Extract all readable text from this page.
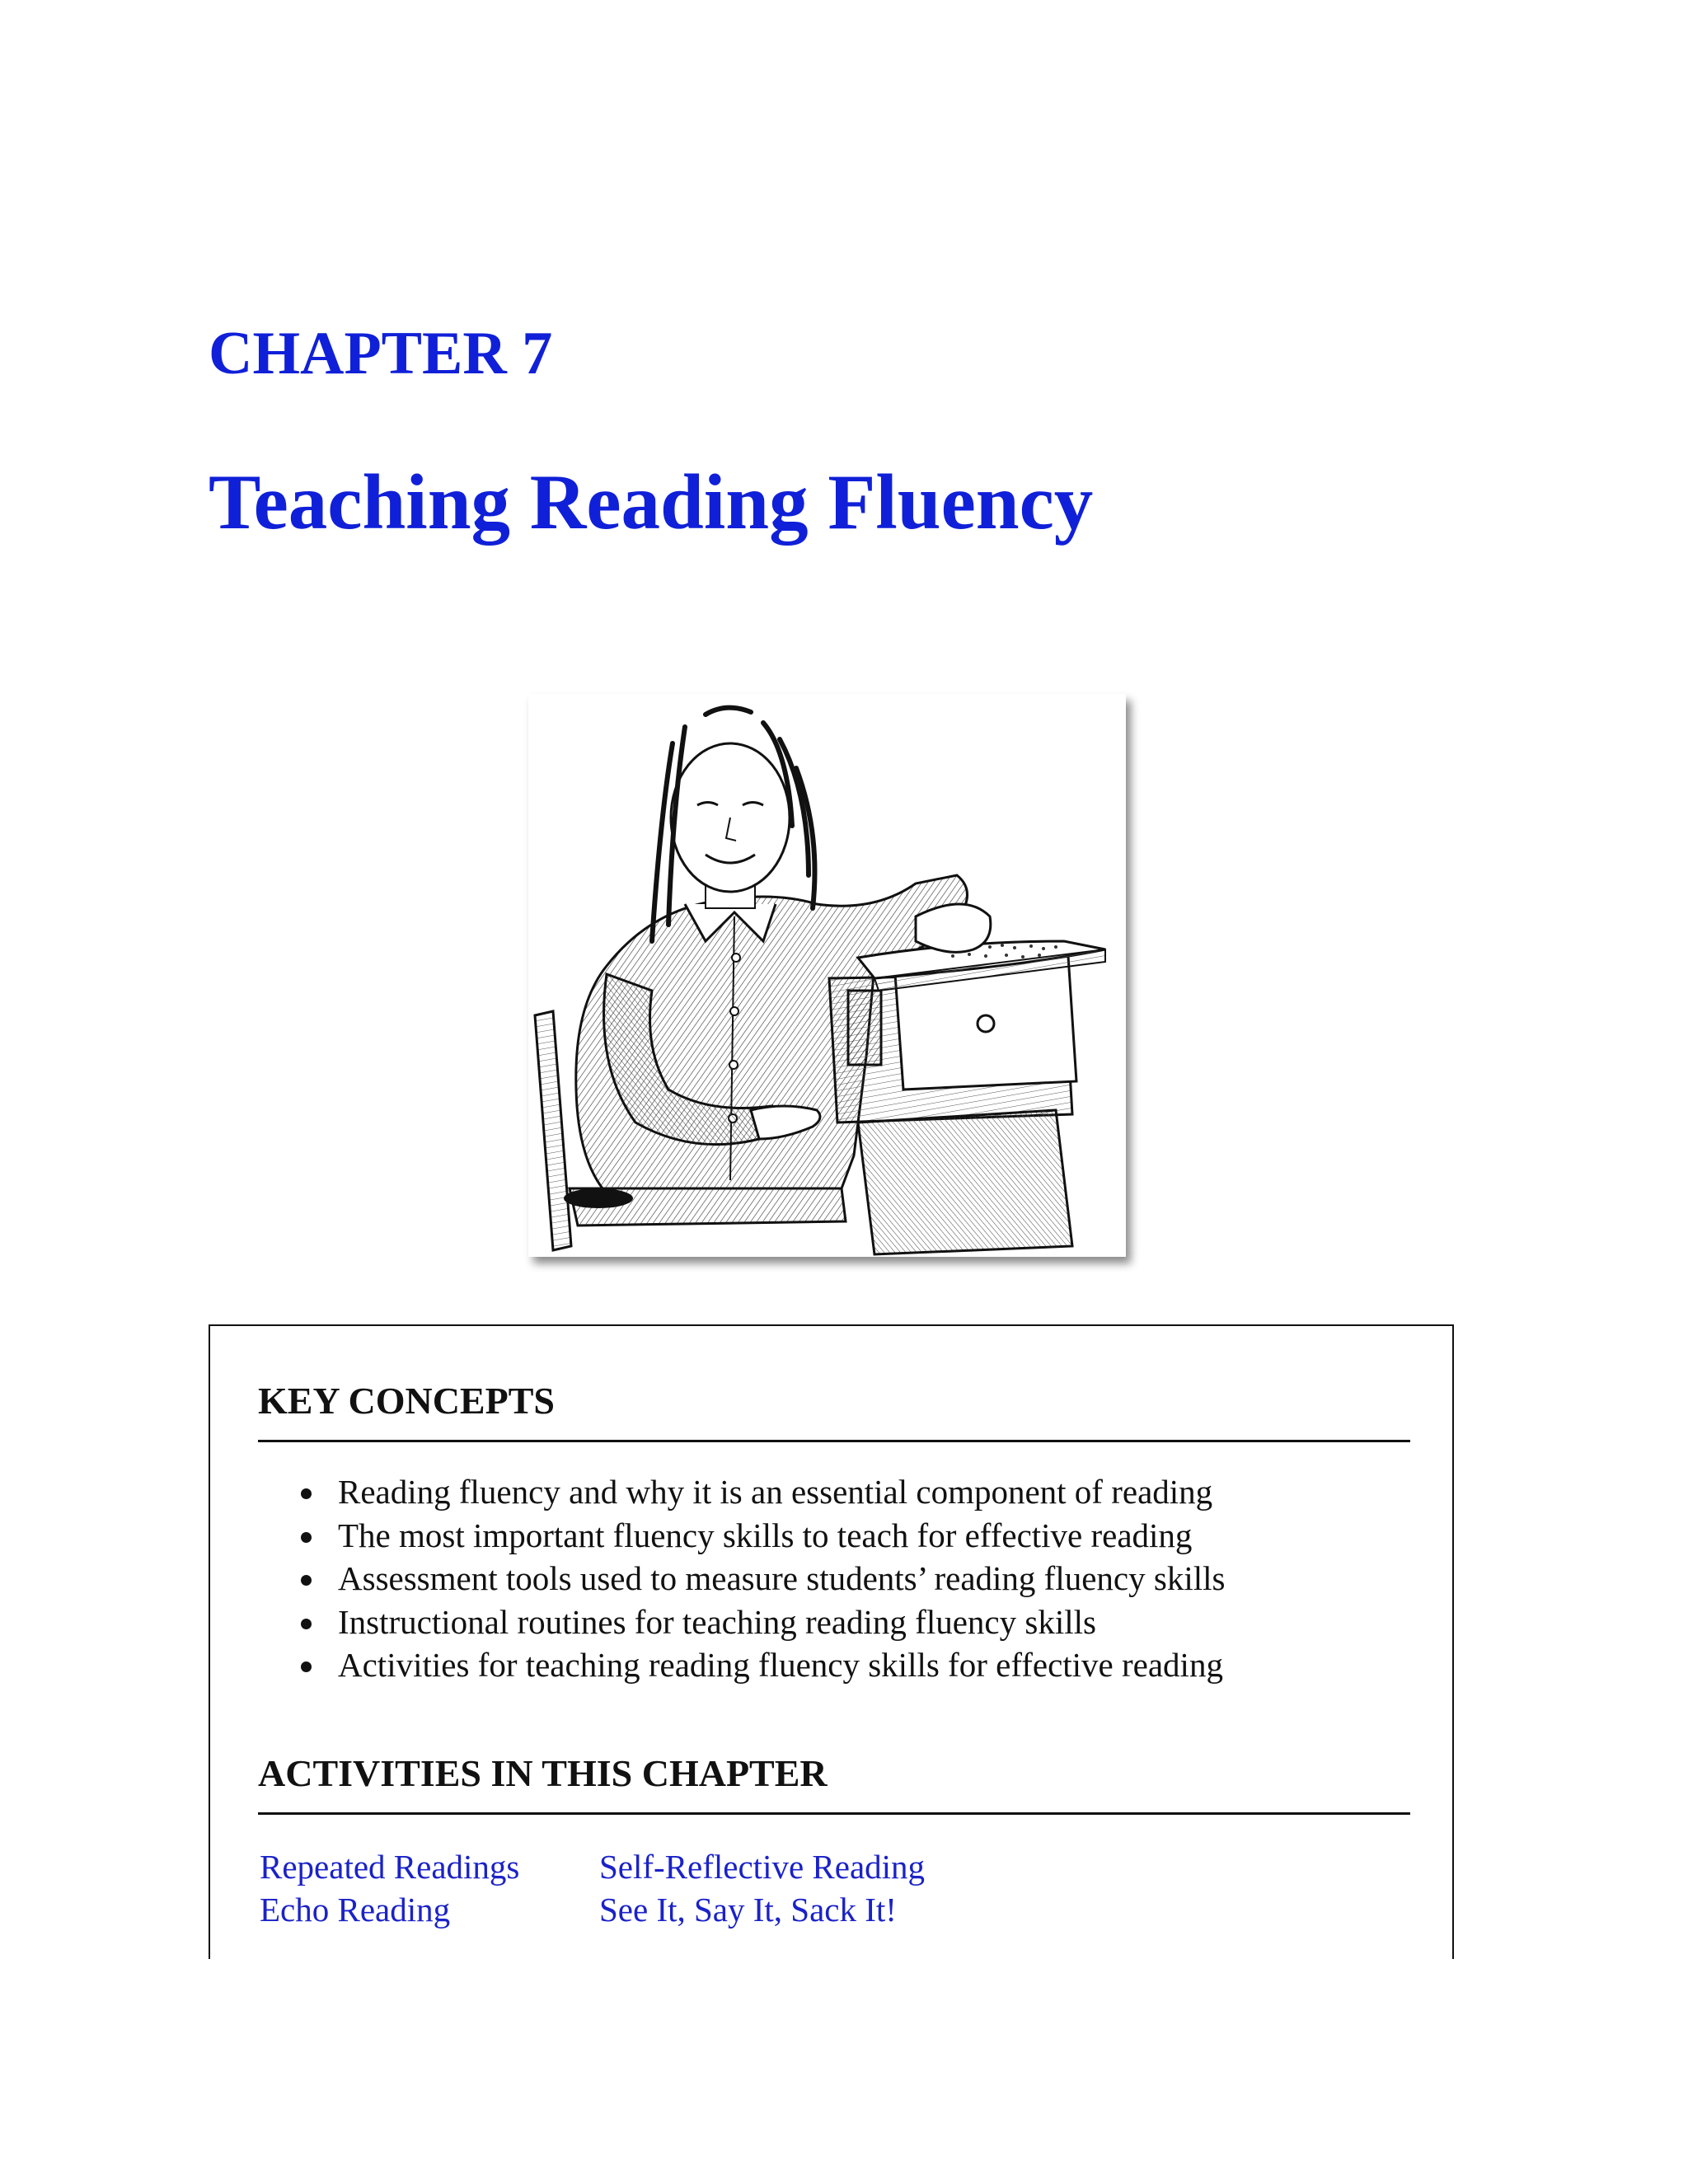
CHAPTER 7
Teaching Reading Fluency
KEY CONCEPTS
Reading fluency and why it is an essential component of reading
The most important fluency skills to teach for effective reading
Assessment tools used to measure students’ reading fluency skills
Instructional routines for teaching reading fluency skills
Activities for teaching reading fluency skills for effective reading
ACTIVITIES IN THIS CHAPTER
Repeated Readings Self-Reflective Reading
Echo Reading	See It, Say It, Sack It!
